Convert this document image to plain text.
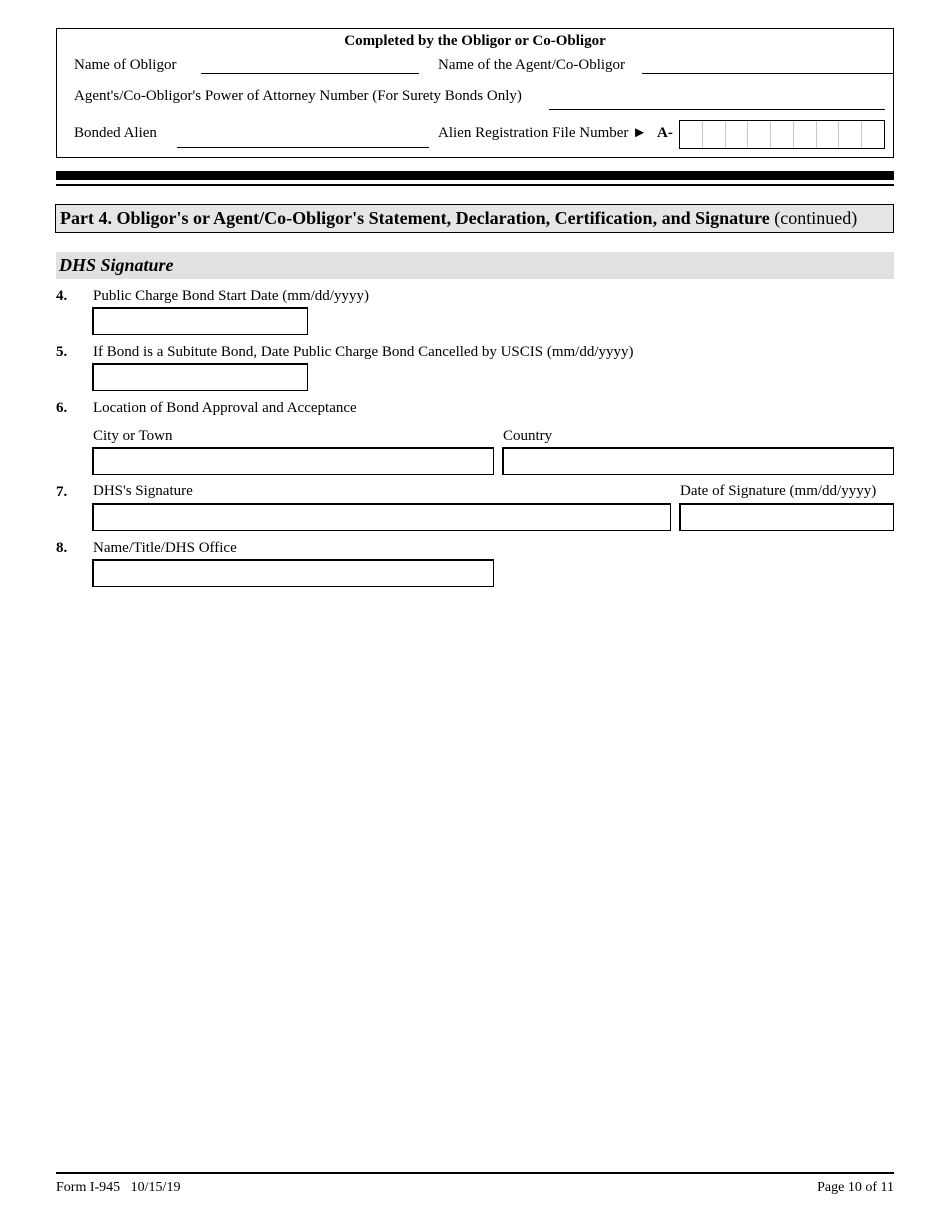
Completed by the Obligor or Co-Obligor
Name of Obligor	Name of the Agent/Co-Obligor
Agent's/Co-Obligor's Power of Attorney Number (For Surety Bonds Only)
Bonded Alien	Alien Registration File Number ► A-
Part 4. Obligor's or Agent/Co-Obligor's Statement, Declaration, Certification, and Signature (continued)
DHS Signature
4. Public Charge Bond Start Date (mm/dd/yyyy)
5. If Bond is a Subitute Bond, Date Public Charge Bond Cancelled by USCIS (mm/dd/yyyy)
6. Location of Bond Approval and Acceptance
City or Town	Country
7. DHS's Signature	Date of Signature (mm/dd/yyyy)
8. Name/Title/DHS Office
Form I-945   10/15/19	Page 10 of 11
